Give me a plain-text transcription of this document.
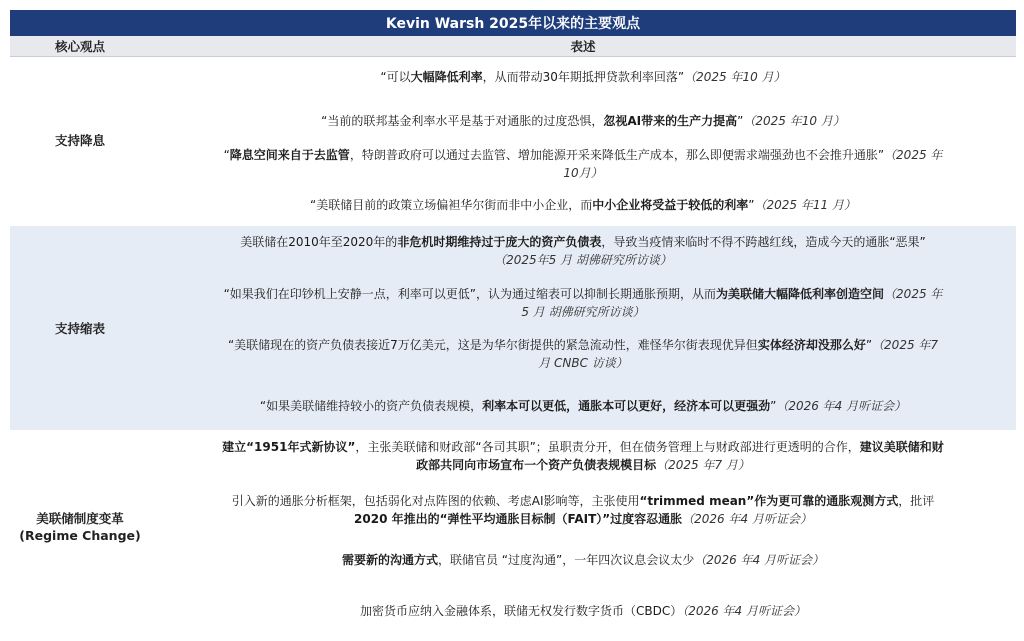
Kevin Warsh 2025年以来的主要观点
核心观点	表述
支持降息
“可以大幅降低利率，从而带动30年期抵押贷款利率回落”（2025 年10 月）
“当前的联邦基金利率水平是基于对通胀的过度恐惧，忽视AI带来的生产力提高”（2025 年10 月）
“降息空间来自于去监管，特朗普政府可以通过去监管、增加能源开采来降低生产成本，那么即便需求端强劲也不会推升通胀”（2025 年
10月）
“美联储目前的政策立场偏袒华尔街而非中小企业，而中小企业将受益于较低的利率”（2025 年11 月）
支持缩表
美联储在2010年至2020年的非危机时期维持过于庞大的资产负债表，导致当疫情来临时不得不跨越红线，造成今天的通胀“恶果”
（2025年5 月 胡佛研究所访谈）
“如果我们在印钞机上安静一点，利率可以更低”，认为通过缩表可以抑制长期通胀预期，从而为美联储大幅降低利率创造空间（2025 年
5 月 胡佛研究所访谈）
“美联储现在的资产负债表接近7万亿美元，这是为华尔街提供的紧急流动性，难怪华尔街表现优异但实体经济却没那么好”（2025 年7
月 CNBC 访谈）
“如果美联储维持较小的资产负债表规模，利率本可以更低，通胀本可以更好，经济本可以更强劲”（2026 年4 月听证会）
美联储制度变革
(Regime Change)
建立“1951年式新协议”，主张美联储和财政部“各司其职”；虽职责分开，但在债务管理上与财政部进行更透明的合作，建议美联储和财
政部共同向市场宣布一个资产负债表规模目标（2025 年7 月）
引入新的通胀分析框架，包括弱化对点阵图的依赖、考虑AI影响等，主张使用“trimmed mean”作为更可靠的通胀观测方式，批评
2020 年推出的“弹性平均通胀目标制（FAIT）”过度容忍通胀（2026 年4 月听证会）
需要新的沟通方式，联储官员 “过度沟通”，一年四次议息会议太少（2026 年4 月听证会）
加密货币应纳入金融体系，联储无权发行数字货币（CBDC）（2026 年4 月听证会）
